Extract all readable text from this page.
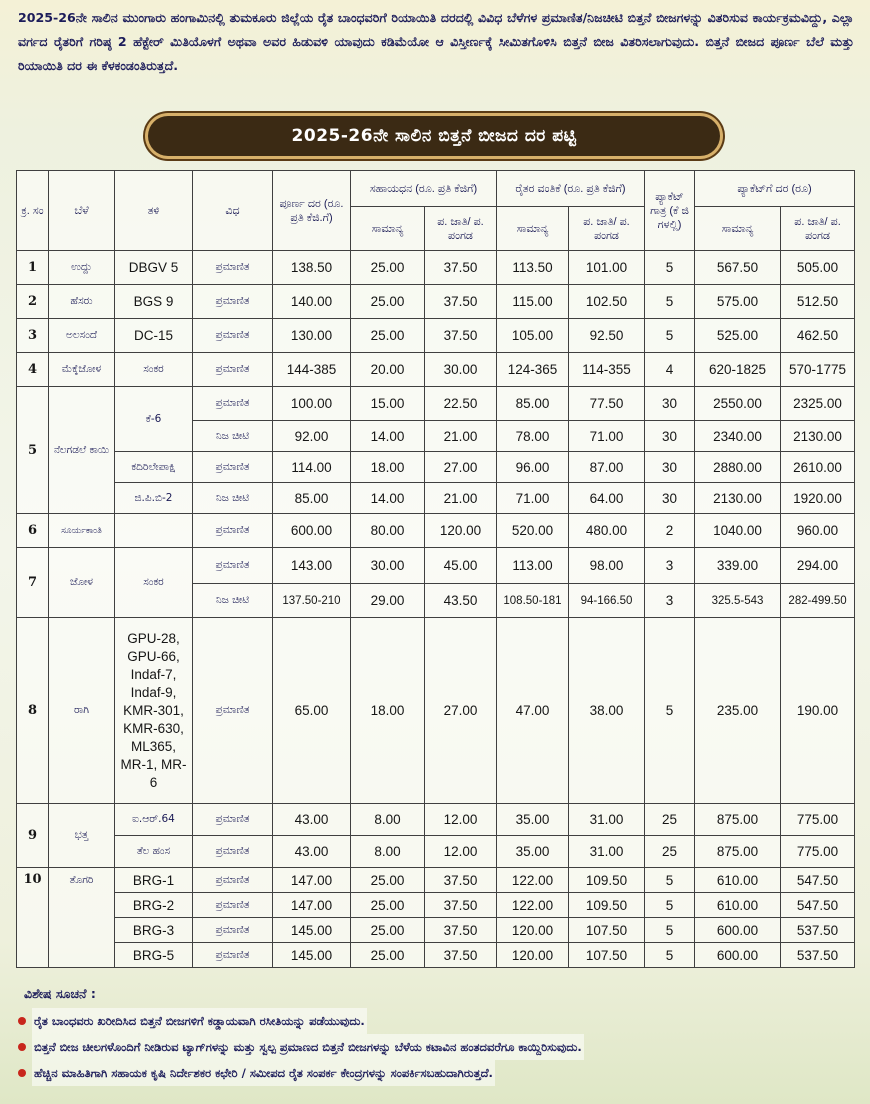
2025-26ನೇ ಸಾಲಿನ ಮುಂಗಾರು ಹಂಗಾಮಿನಲ್ಲಿ ತುಮಕೂರು ಜಿಲ್ಲೆಯ ರೈತ ಬಾಂಧವರಿಗೆ ರಿಯಾಯಿತಿ ದರದಲ್ಲಿ ವಿವಿಧ ಬೆಳೆಗಳ ಪ್ರಮಾಣಿತ/ನಿಜಚೀಟಿ ಬಿತ್ತನೆ ಬೀಜಗಳನ್ನು ವಿತರಿಸುವ ಕಾರ್ಯಕ್ರಮವಿದ್ದು, ಎಲ್ಲಾ ವರ್ಗದ ರೈತರಿಗೆ ಗರಿಷ್ಠ 2 ಹೆಕ್ಟೇರ್ ಮಿತಿಯೊಳಗೆ ಅಥವಾ ಅವರ ಹಿಡುವಳಿ ಯಾವುದು ಕಡಿಮೆಯೋ ಆ ವಿಸ್ತೀರ್ಣಕ್ಕೆ ಸೀಮಿತಗೊಳಿಸಿ ಬಿತ್ತನೆ ಬೀಜ ವಿತರಿಸಲಾಗುವುದು. ಬಿತ್ತನೆ ಬೀಜದ ಪೂರ್ಣ ಬೆಲೆ ಮತ್ತು ರಿಯಾಯಿತಿ ದರ ಈ ಕೆಳಕಂಡಂತಿರುತ್ತದೆ.
2025-26ನೇ ಸಾಲಿನ ಬಿತ್ತನೆ ಬೀಜದ ದರ ಪಟ್ಟಿ
ಕ್ರ. ಸಂ	ಬೆಳೆ	ತಳಿ	ವಿಧ	ಪೂರ್ಣ ದರ (ರೂ. ಪ್ರತಿ ಕೆಜಿ.ಗೆ)	ಸಹಾಯಧನ (ರೂ. ಪ್ರತಿ ಕೆಜಿಗೆ)		ರೈತರ ವಂತಿಕೆ (ರೂ. ಪ್ರತಿ ಕೆಜಿಗೆ)		ಪ್ಯಾಕೆಟ್ ಗಾತ್ರ (ಕೆ ಜಿ ಗಳಲ್ಲಿ)	ಪ್ಯಾಕೆಟ್‌ಗೆ ದರ (ರೂ)	
					ಸಾಮಾನ್ಯ	ಪ. ಜಾತಿ/ ಪ. ಪಂಗಡ	ಸಾಮಾನ್ಯ	ಪ. ಜಾತಿ/ ಪ. ಪಂಗಡ		ಸಾಮಾನ್ಯ	ಪ. ಜಾತಿ/ ಪ. ಪಂಗಡ
1	ಉದ್ದು	DBGV 5	ಪ್ರಮಾಣಿತ	138.50	25.00	37.50	113.50	101.00	5	567.50	505.00
2	ಹೆಸರು	BGS 9	ಪ್ರಮಾಣಿತ	140.00	25.00	37.50	115.00	102.50	5	575.00	512.50
3	ಅಲಸಂದೆ	DC-15	ಪ್ರಮಾಣಿತ	130.00	25.00	37.50	105.00	92.50	5	525.00	462.50
4	ಮೆಕ್ಕೆಜೋಳ	ಸಂಕರ	ಪ್ರಮಾಣಿತ	144-385	20.00	30.00	124-365	114-355	4	620-1825	570-1775
5	ನೆಲಗಡಲೆ ಕಾಯಿ	ಕೆ-6	ಪ್ರಮಾಣಿತ	100.00	15.00	22.50	85.00	77.50	30	2550.00	2325.00
			ನಿಜ ಚೀಟಿ	92.00	14.00	21.00	78.00	71.00	30	2340.00	2130.00
		ಕದಿರಿಲೇಪಾಕ್ಷಿ	ಪ್ರಮಾಣಿತ	114.00	18.00	27.00	96.00	87.00	30	2880.00	2610.00
		ಜಿ.ಪಿ.ಬಿ-2	ನಿಜ ಚೀಟಿ	85.00	14.00	21.00	71.00	64.00	30	2130.00	1920.00
6	ಸೂರ್ಯಕಾಂತಿ		ಪ್ರಮಾಣಿತ	600.00	80.00	120.00	520.00	480.00	2	1040.00	960.00
7	ಜೋಳ	ಸಂಕರ	ಪ್ರಮಾಣಿತ	143.00	30.00	45.00	113.00	98.00	3	339.00	294.00
			ನಿಜ ಚೀಟಿ	137.50-210	29.00	43.50	108.50-181	94-166.50	3	325.5-543	282-499.50
8	ರಾಗಿ	GPU-28, GPU-66, Indaf-7, Indaf-9, KMR-301, KMR-630, ML365, MR-1, MR-6	ಪ್ರಮಾಣಿತ	65.00	18.00	27.00	47.00	38.00	5	235.00	190.00
9	ಭತ್ತ	ಐ.ಆರ್.64	ಪ್ರಮಾಣಿತ	43.00	8.00	12.00	35.00	31.00	25	875.00	775.00
		ತೆಲ ಹಂಸ	ಪ್ರಮಾಣಿತ	43.00	8.00	12.00	35.00	31.00	25	875.00	775.00
10	ತೊಗರಿ	BRG-1	ಪ್ರಮಾಣಿತ	147.00	25.00	37.50	122.00	109.50	5	610.00	547.50
		BRG-2	ಪ್ರಮಾಣಿತ	147.00	25.00	37.50	122.00	109.50	5	610.00	547.50
		BRG-3	ಪ್ರಮಾಣಿತ	145.00	25.00	37.50	120.00	107.50	5	600.00	537.50
		BRG-5	ಪ್ರಮಾಣಿತ	145.00	25.00	37.50	120.00	107.50	5	600.00	537.50
ವಿಶೇಷ ಸೂಚನೆ :
ರೈತ ಬಾಂಧವರು ಖರೀದಿಸಿದ ಬಿತ್ತನೆ ಬೀಜಗಳಿಗೆ ಕಡ್ಡಾಯವಾಗಿ ರಸೀತಿಯನ್ನು ಪಡೆಯುವುದು.
ಬಿತ್ತನೆ ಬೀಜ ಚೀಲಗಳೊಂದಿಗೆ ನೀಡಿರುವ ಟ್ಯಾಗ್‌ಗಳನ್ನು ಮತ್ತು ಸ್ವಲ್ಪ ಪ್ರಮಾಣದ ಬಿತ್ತನೆ ಬೀಜಗಳನ್ನು ಬೆಳೆಯ ಕಟಾವಿನ ಹಂತದವರೆಗೂ ಕಾಯ್ದಿರಿಸುವುದು.
ಹೆಚ್ಚಿನ ಮಾಹಿತಿಗಾಗಿ ಸಹಾಯಕ ಕೃಷಿ ನಿರ್ದೇಶಕರ ಕಛೇರಿ / ಸಮೀಪದ ರೈತ ಸಂಪರ್ಕ ಕೇಂದ್ರಗಳನ್ನು ಸಂಪರ್ಕಿಸಬಹುದಾಗಿರುತ್ತದೆ.
